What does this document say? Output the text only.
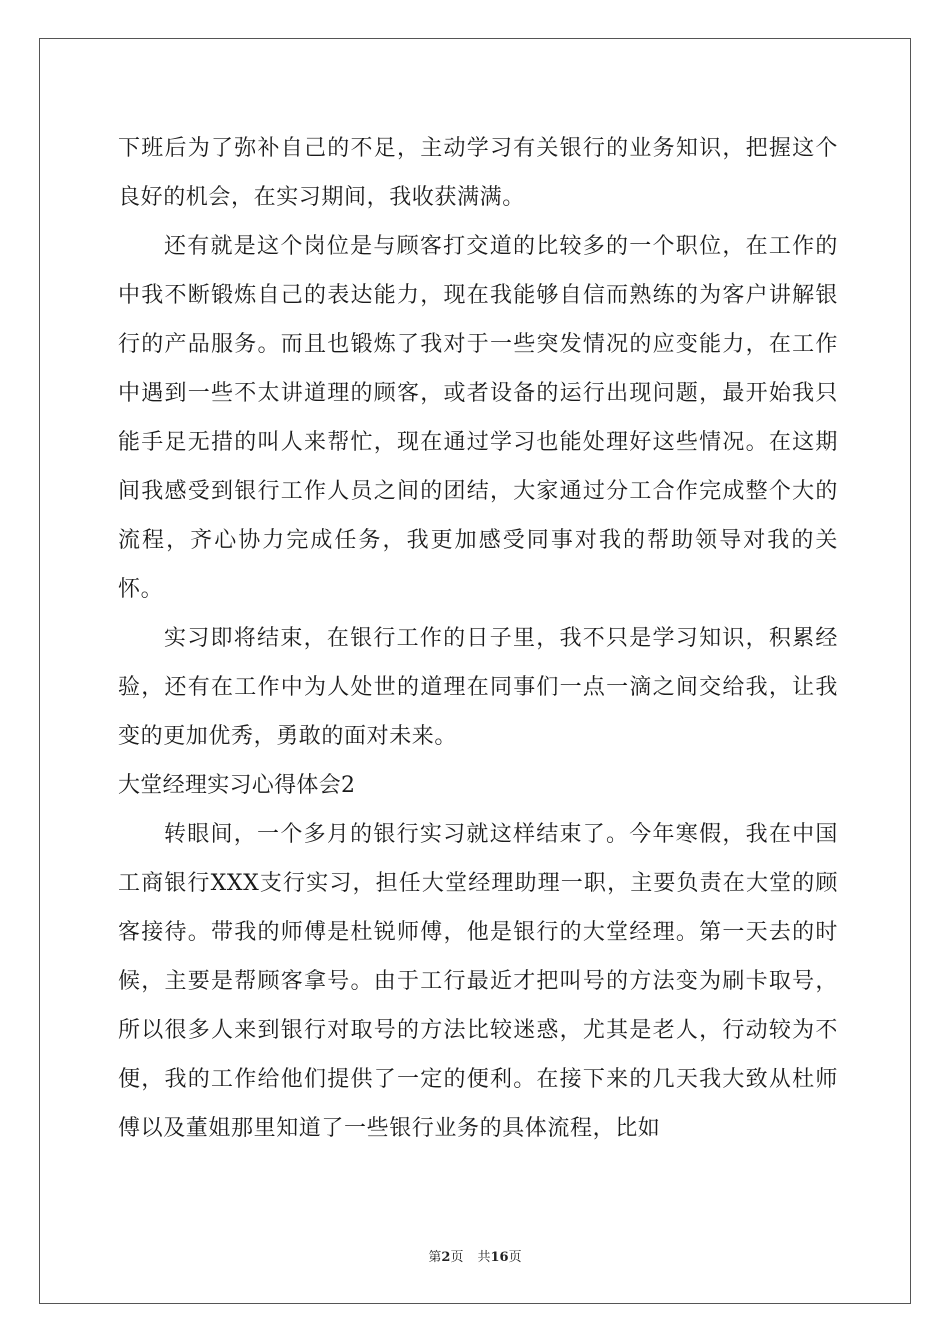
下班后为了弥补自己的不足，主动学习有关银行的业务知识，把握这个良好的机会，在实习期间，我收获满满。

还有就是这个岗位是与顾客打交道的比较多的一个职位，在工作的中我不断锻炼自己的表达能力，现在我能够自信而熟练的为客户讲解银行的产品服务。而且也锻炼了我对于一些突发情况的应变能力，在工作中遇到一些不太讲道理的顾客，或者设备的运行出现问题，最开始我只能手足无措的叫人来帮忙，现在通过学习也能处理好这些情况。在这期间我感受到银行工作人员之间的团结，大家通过分工合作完成整个大的流程，齐心协力完成任务，我更加感受同事对我的帮助领导对我的关怀。

实习即将结束，在银行工作的日子里，我不只是学习知识，积累经验，还有在工作中为人处世的道理在同事们一点一滴之间交给我，让我变的更加优秀，勇敢的面对未来。

大堂经理实习心得体会2

转眼间，一个多月的银行实习就这样结束了。今年寒假，我在中国工商银行XXX支行实习，担任大堂经理助理一职，主要负责在大堂的顾客接待。带我的师傅是杜锐师傅，他是银行的大堂经理。第一天去的时候，主要是帮顾客拿号。由于工行最近才把叫号的方法变为刷卡取号，所以很多人来到银行对取号的方法比较迷惑，尤其是老人，行动较为不便，我的工作给他们提供了一定的便利。在接下来的几天我大致从杜师傅以及董姐那里知道了一些银行业务的具体流程，比如

第2页 共16页
